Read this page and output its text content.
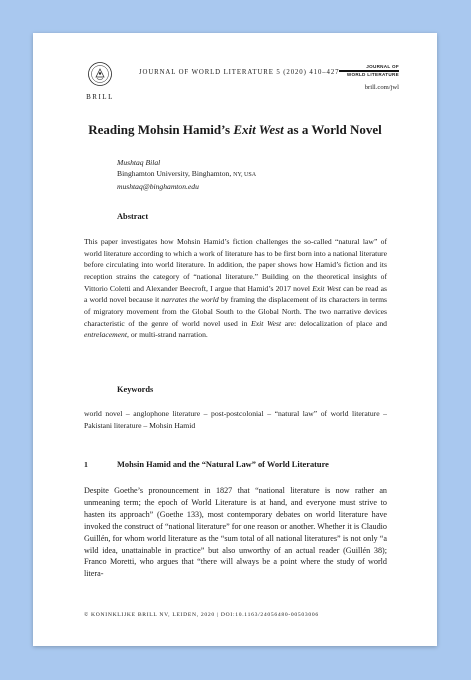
BRILL
JOURNAL OF WORLD LITERATURE 5 (2020) 410–427
JOURNAL OF
WORLD LITERATURE
brill.com/jwl
Reading Mohsin Hamid’s Exit West as a World Novel
Mushtaq Bilal
Binghamton University, Binghamton, NY, USA
mushtaq@binghamton.edu
Abstract
This paper investigates how Mohsin Hamid’s fiction challenges the so-called “natural law” of world literature according to which a work of literature has to be first born into a national literature before circulating into world literature. In addition, the paper shows how Hamid’s fiction and its reception strains the category of “national literature.” Building on the theoretical insights of Vittorio Coletti and Alexander Beecroft, I argue that Hamid’s 2017 novel Exit West can be read as a world novel because it narrates the world by framing the displacement of its characters in terms of migratory movement from the Global South to the Global North. The two narrative devices characteristic of the genre of world novel used in Exit West are: delocalization of place and entrelacement, or multi-strand narration.
Keywords
world novel – anglophone literature – post-postcolonial – “natural law” of world literature – Pakistani literature – Mohsin Hamid
1	Mohsin Hamid and the “Natural Law” of World Literature
Despite Goethe’s pronouncement in 1827 that “national literature is now rather an unmeaning term; the epoch of World Literature is at hand, and everyone must strive to hasten its approach” (Goethe 133), most contemporary debates on world literature have invoked the construct of “national literature” for one reason or another. Whether it is Claudio Guillén, for whom world literature as the “sum total of all national literatures” is not only “a wild idea, unattainable in practice” but also unworthy of an actual reader (Guillén 38); Franco Moretti, who argues that “there will always be a point where the study of world litera-
© KONINKLIJKE BRILL NV, LEIDEN, 2020 | DOI:10.1163/24056480-00503006
